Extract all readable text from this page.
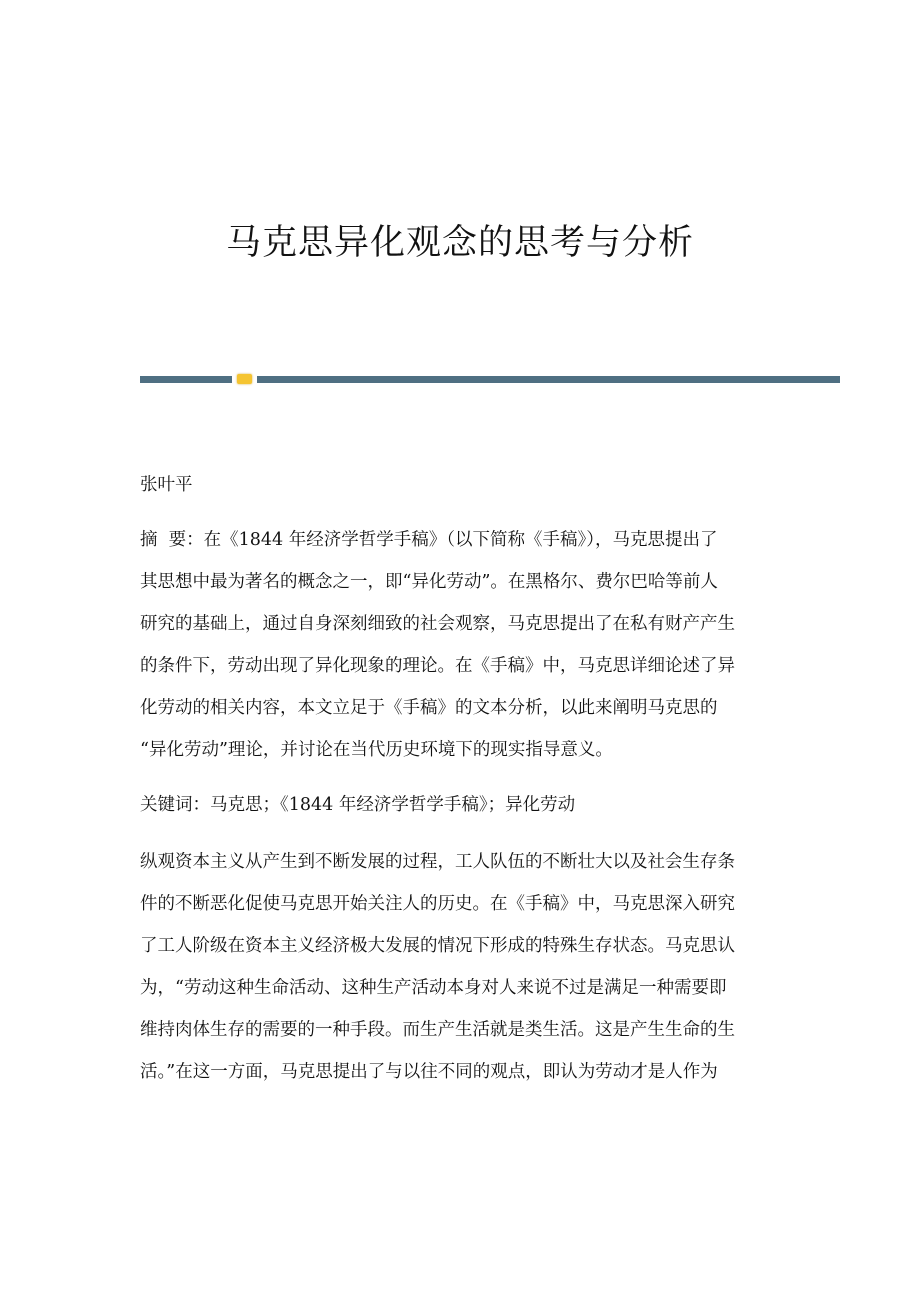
马克思异化观念的思考与分析
张叶平
摘  要：在《1844 年经济学哲学手稿》（以下简称《手稿》），马克思提出了
其思想中最为著名的概念之一，即“异化劳动”。在黑格尔、费尔巴哈等前人
研究的基础上，通过自身深刻细致的社会观察，马克思提出了在私有财产产生
的条件下，劳动出现了异化现象的理论。在《手稿》中，马克思详细论述了异
化劳动的相关内容，本文立足于《手稿》的文本分析，以此来阐明马克思的
“异化劳动”理论，并讨论在当代历史环境下的现实指导意义。
关键词：马克思；《1844 年经济学哲学手稿》；异化劳动
纵观资本主义从产生到不断发展的过程，工人队伍的不断壮大以及社会生存条
件的不断恶化促使马克思开始关注人的历史。在《手稿》中，马克思深入研究
了工人阶级在资本主义经济极大发展的情况下形成的特殊生存状态。马克思认
为，“劳动这种生命活动、这种生产活动本身对人来说不过是满足一种需要即
维持肉体生存的需要的一种手段。而生产生活就是类生活。这是产生生命的生
活。”在这一方面，马克思提出了与以往不同的观点，即认为劳动才是人作为
